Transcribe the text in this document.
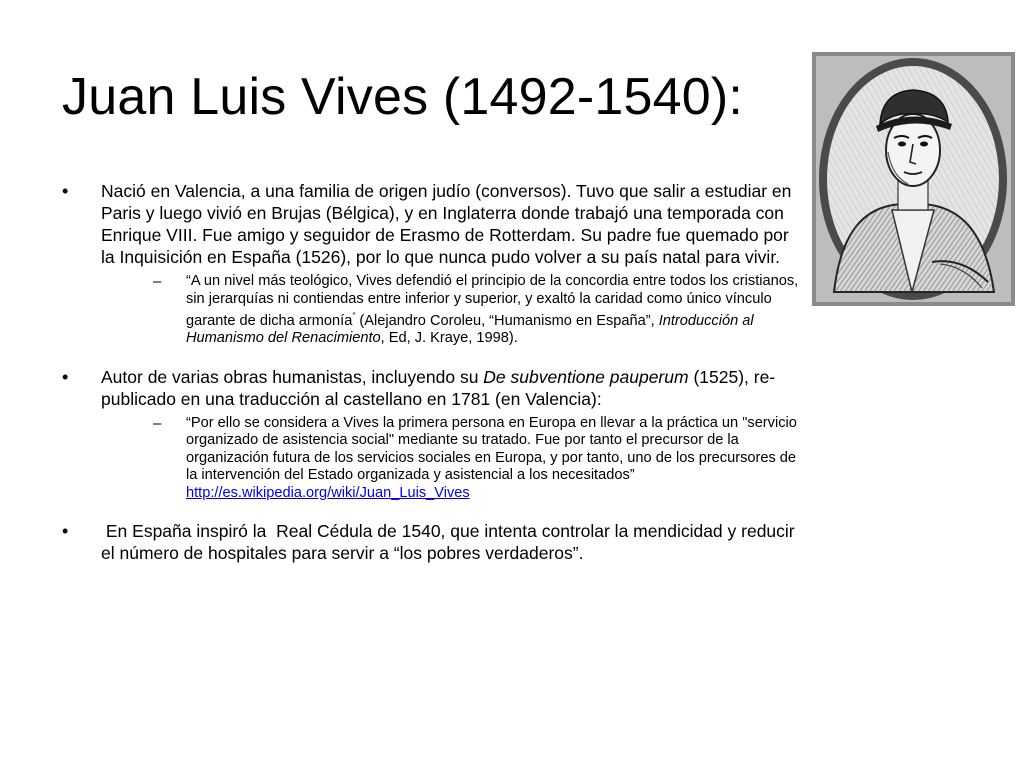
Juan Luis Vives (1492-1540):
• Nació en Valencia, a una familia de origen judío (conversos). Tuvo que salir a estudiar en Paris y luego vivió en Brujas (Bélgica), y en Inglaterra donde trabajó una temporada con Enrique VIII. Fue amigo y seguidor de Erasmo de Rotterdam. Su padre fue quemado por la Inquisición en España (1526), por lo que nunca pudo volver a su país natal para vivir.
– “A un nivel más teológico, Vives defendió el principio de la concordia entre todos los cristianos, sin jerarquías ni contiendas entre inferior y superior, y exaltó la caridad como único vínculo garante de dicha armonía” (Alejandro Coroleu, “Humanismo en España”, Introducción al Humanismo del Renacimiento, Ed, J. Kraye, 1998).
• Autor de varias obras humanistas, incluyendo su De subventione pauperum (1525), re-publicado en una traducción al castellano en 1781 (en Valencia):
– “Por ello se considera a Vives la primera persona en Europa en llevar a la práctica un "servicio organizado de asistencia social" mediante su tratado. Fue por tanto el precursor de la organización futura de los servicios sociales en Europa, y por tanto, uno de los precursores de la intervención del Estado organizada y asistencial a los necesitados” http://es.wikipedia.org/wiki/Juan_Luis_Vives
• En España inspiró la  Real Cédula de 1540, que intenta controlar la mendicidad y reducir el número de hospitales para servir a “los pobres verdaderos”.
